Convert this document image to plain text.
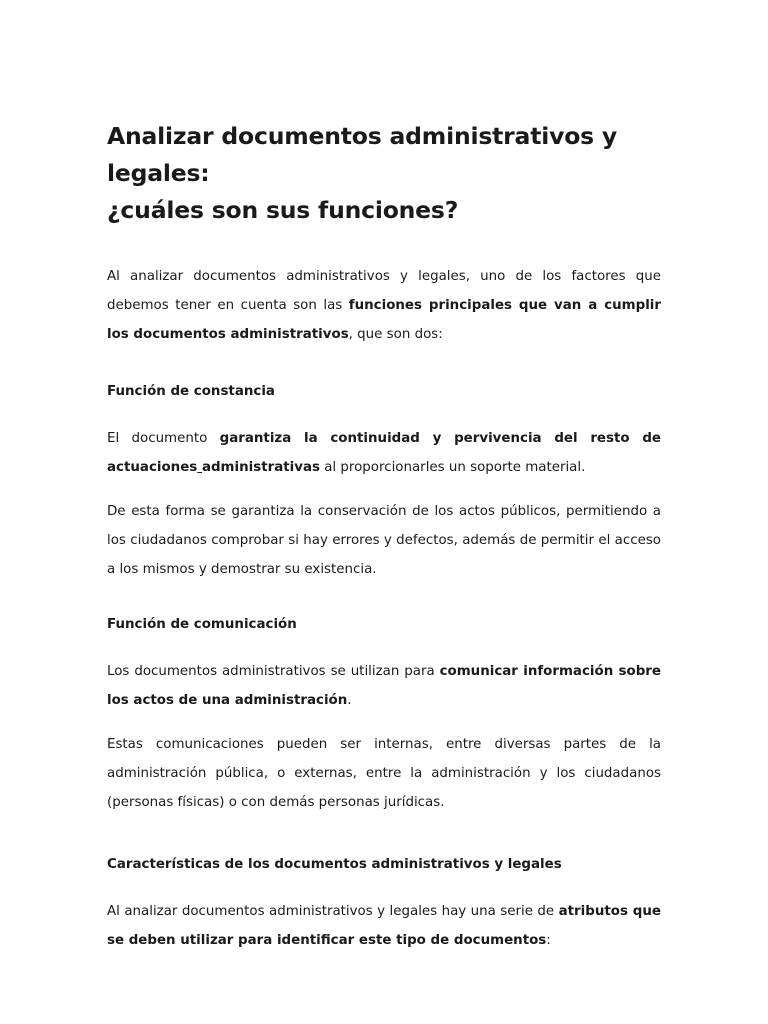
Analizar documentos administrativos y legales:
¿cuáles son sus funciones?

Al analizar documentos administrativos y legales, uno de los factores que debemos tener en cuenta son las funciones principales que van a cumplir los documentos administrativos, que son dos:

Función de constancia

El documento garantiza la continuidad y pervivencia del resto de actuaciones administrativas al proporcionarles un soporte material.

De esta forma se garantiza la conservación de los actos públicos, permitiendo a los ciudadanos comprobar si hay errores y defectos, además de permitir el acceso a los mismos y demostrar su existencia.

Función de comunicación

Los documentos administrativos se utilizan para comunicar información sobre los actos de una administración.

Estas comunicaciones pueden ser internas, entre diversas partes de la administración pública, o externas, entre la administración y los ciudadanos (personas físicas) o con demás personas jurídicas.

Características de los documentos administrativos y legales

Al analizar documentos administrativos y legales hay una serie de atributos que se deben utilizar para identificar este tipo de documentos:
